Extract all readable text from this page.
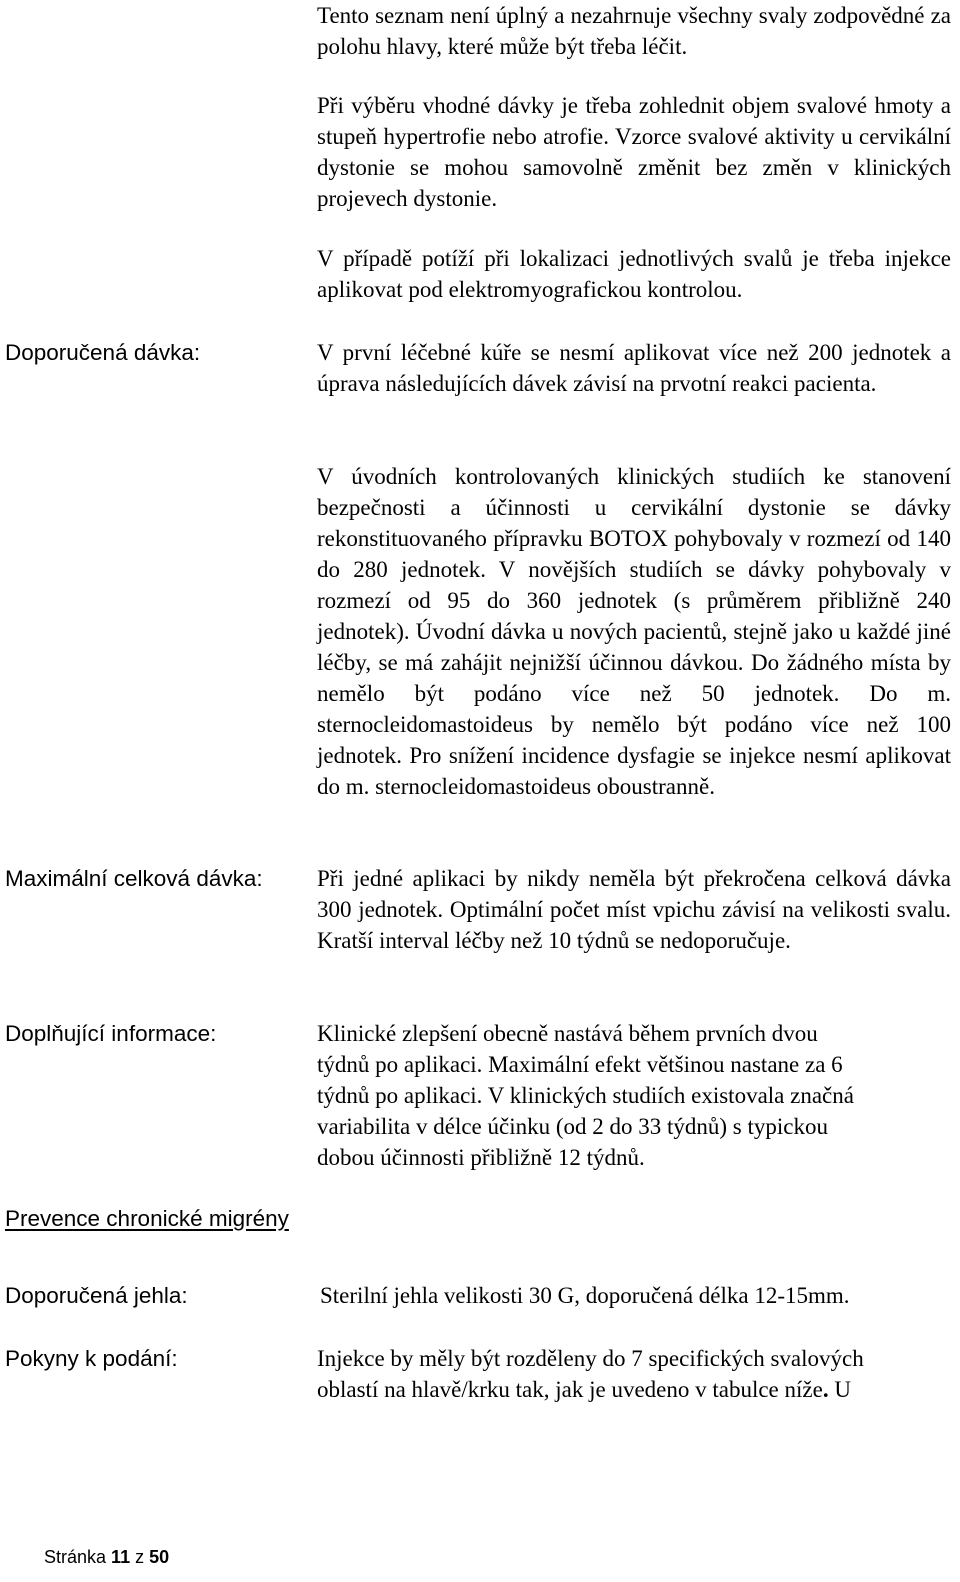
Tento seznam není úplný a nezahrnuje všechny svaly zodpovědné za polohu hlavy, které může být třeba léčit.

Při výběru vhodné dávky je třeba zohlednit objem svalové hmoty a stupeň hypertrofie nebo atrofie. Vzorce svalové aktivity u cervikální dystonie se mohou samovolně změnit bez změn v klinických projevech dystonie.

V případě potíží při lokalizaci jednotlivých svalů je třeba injekce aplikovat pod elektromyografickou kontrolou.

Doporučená dávka:	V první léčebné kúře se nesmí aplikovat více než 200 jednotek a úprava následujících dávek závisí na prvotní reakci pacienta.

V úvodních kontrolovaných klinických studiích ke stanovení bezpečnosti a účinnosti u cervikální dystonie se dávky rekonstituovaného přípravku BOTOX pohybovaly v rozmezí od 140 do 280 jednotek. V novějších studiích se dávky pohybovaly v rozmezí od 95 do 360 jednotek (s průměrem přibližně 240 jednotek). Úvodní dávka u nových pacientů, stejně jako u každé jiné léčby, se má zahájit nejnižší účinnou dávkou. Do žádného místa by nemělo být podáno více než 50 jednotek. Do m. sternocleidomastoideus by nemělo být podáno více než 100 jednotek. Pro snížení incidence dysfagie se injekce nesmí aplikovat do m. sternocleidomastoideus oboustranně.

Maximální celková dávka: Při jedné aplikaci by nikdy neměla být překročena celková dávka 300 jednotek. Optimální počet míst vpichu závisí na velikosti svalu. Kratší interval léčby než 10 týdnů se nedoporučuje.

Doplňující informace:	Klinické zlepšení obecně nastává během prvních dvou
týdnů po aplikaci. Maximální efekt většinou nastane za 6
týdnů po aplikaci. V klinických studiích existovala značná
variabilita v délce účinku (od 2 do 33 týdnů) s typickou
dobou účinnosti přibližně 12 týdnů.

Prevence chronické migrény

Doporučená jehla:	Sterilní jehla velikosti 30 G, doporučená délka 12-15mm.

Pokyny k podání:	Injekce by měly být rozděleny do 7 specifických svalových
oblastí na hlavě/krku tak, jak je uvedeno v tabulce níže. U

Stránka 11 z 50
